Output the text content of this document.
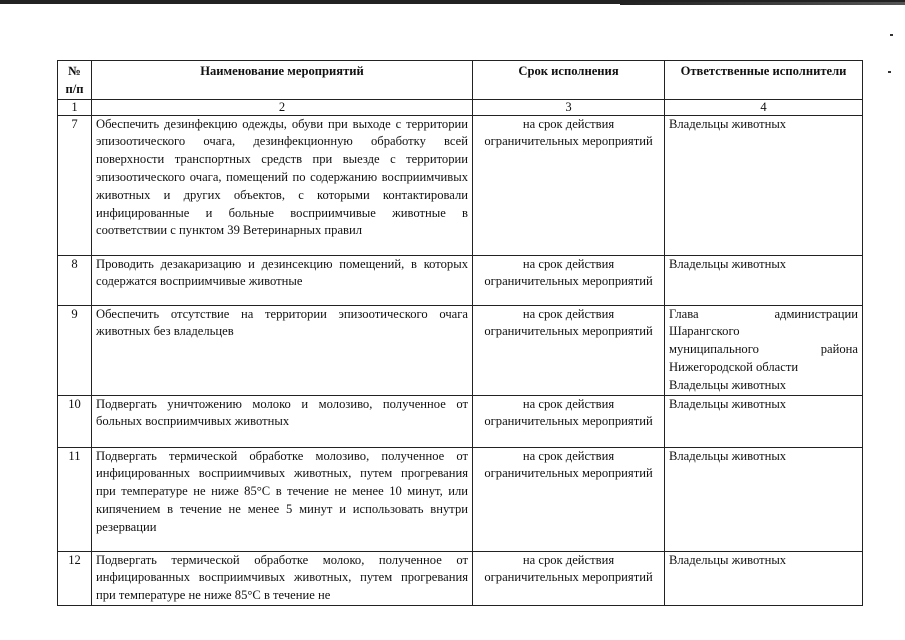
№ п/п	Наименование мероприятий	Срок исполнения	Ответственные исполнители
1	2	3	4
7	Обеспечить дезинфекцию одежды, обуви при выходе с территории эпизоотического очага, дезинфекционную обработку всей поверхности транспортных средств при выезде с территории эпизоотического очага, помещений по содержанию восприимчивых животных и других объектов, с которыми контактировали инфицированные и больные восприимчивые животные в соответствии с пунктом 39 Ветеринарных правил	на срок действия ограничительных мероприятий	Владельцы животных

8	Проводить дезакаризацию и дезинсекцию помещений, в которых содержатся восприимчивые животные	на срок действия ограничительных мероприятий	Владельцы животных

9	Обеспечить отсутствие на территории эпизоотического очага животных без владельцев	на срок действия ограничительных мероприятий	Глава администрации
Шарангского
муниципального района
Нижегородской области
Владельцы животных

10	Подвергать уничтожению молоко и молозиво, полученное от больных восприимчивых животных	на срок действия ограничительных мероприятий	Владельцы животных

11	Подвергать термической обработке молозиво, полученное от инфицированных восприимчивых животных, путем прогревания при температуре не ниже 85°С в течение не менее 10 минут, или кипячением в течение не менее 5 минут и использовать внутри резервации	на срок действия ограничительных мероприятий	Владельцы животных

12	Подвергать термической обработке молоко, полученное от инфицированных восприимчивых животных, путем прогревания при температуре не ниже 85°С в течение не	на срок действия ограничительных мероприятий	Владельцы животных
